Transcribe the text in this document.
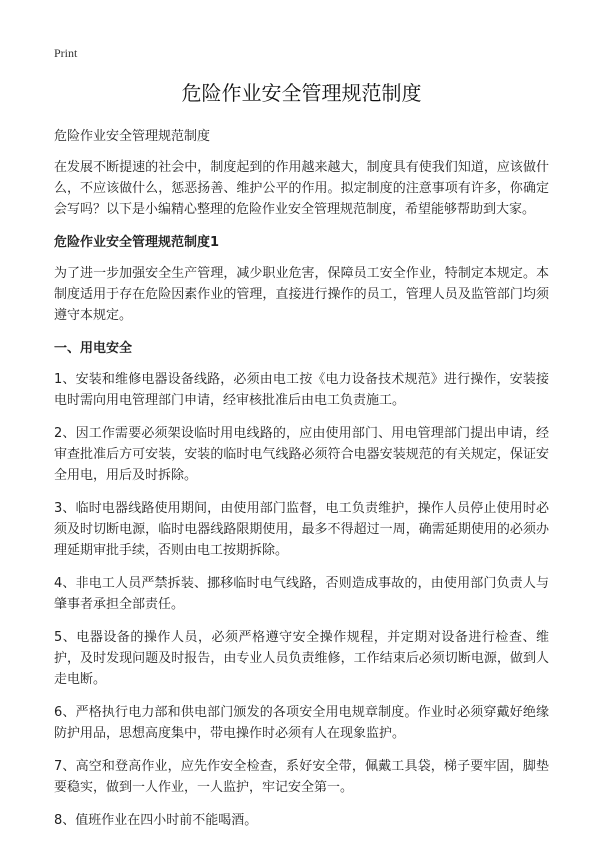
Print
危险作业安全管理规范制度

危险作业安全管理规范制度

在发展不断提速的社会中，制度起到的作用越来越大，制度具有使我们知道，应该做什么，不应该做什么，惩恶扬善、维护公平的作用。拟定制度的注意事项有许多，你确定会写吗？以下是小编精心整理的危险作业安全管理规范制度，希望能够帮助到大家。

危险作业安全管理规范制度1

为了进一步加强安全生产管理，减少职业危害，保障员工安全作业，特制定本规定。本制度适用于存在危险因素作业的管理，直接进行操作的员工，管理人员及监管部门均须遵守本规定。

一、用电安全

1、安装和维修电器设备线路，必须由电工按《电力设备技术规范》进行操作，安装接电时需向用电管理部门申请，经审核批准后由电工负责施工。

2、因工作需要必须架设临时用电线路的，应由使用部门、用电管理部门提出申请，经审查批准后方可安装，安装的临时电气线路必须符合电器安装规范的有关规定，保证安全用电，用后及时拆除。

3、临时电器线路使用期间，由使用部门监督，电工负责维护，操作人员停止使用时必须及时切断电源，临时电器线路限期使用，最多不得超过一周，确需延期使用的必须办理延期审批手续，否则由电工按期拆除。

4、非电工人员严禁拆装、挪移临时电气线路，否则造成事故的，由使用部门负责人与肇事者承担全部责任。

5、电器设备的操作人员，必须严格遵守安全操作规程，并定期对设备进行检查、维护，及时发现问题及时报告，由专业人员负责维修，工作结束后必须切断电源，做到人走电断。

6、严格执行电力部和供电部门颁发的各项安全用电规章制度。作业时必须穿戴好绝缘防护用品，思想高度集中，带电操作时必须有人在现象监护。

7、高空和登高作业，应先作安全检查，系好安全带，佩戴工具袋，梯子要牢固，脚垫要稳实，做到一人作业，一人监护，牢记安全第一。

8、值班作业在四小时前不能喝酒。
